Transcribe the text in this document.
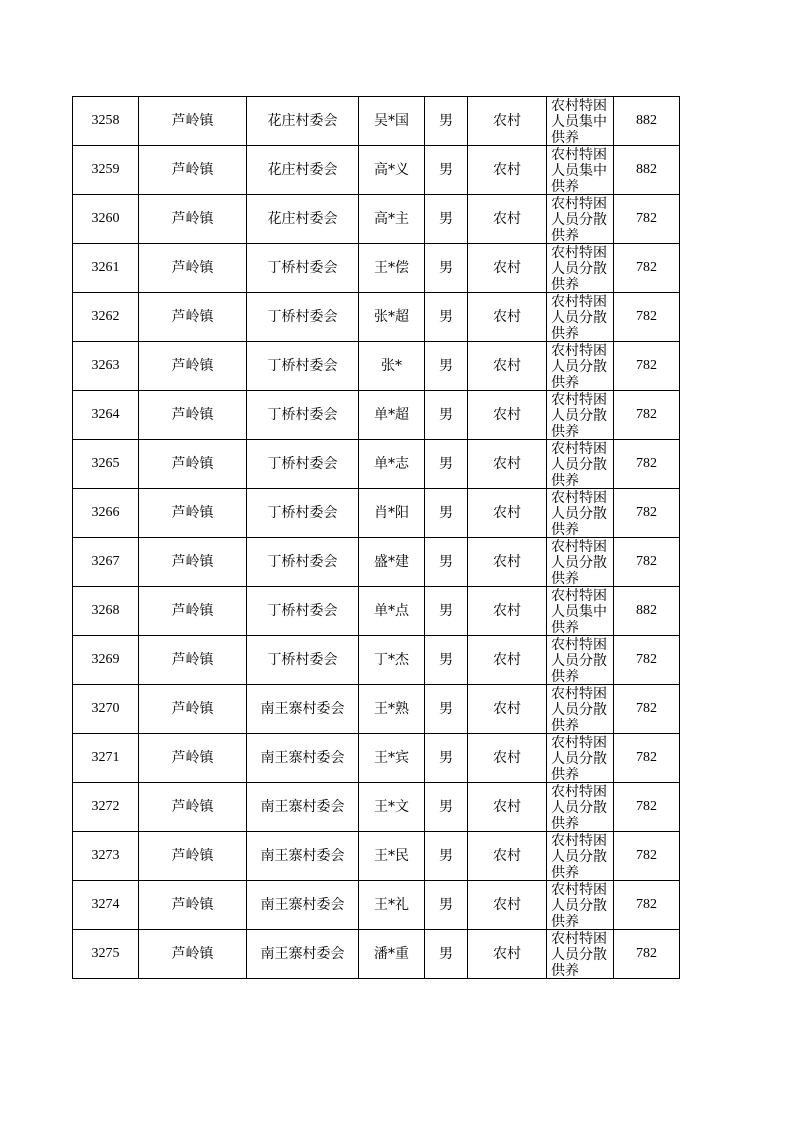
3258	芦岭镇	花庄村委会	吴*国	男	农村	农村特困人员集中供养	882
3259	芦岭镇	花庄村委会	高*义	男	农村	农村特困人员集中供养	882
3260	芦岭镇	花庄村委会	高*主	男	农村	农村特困人员分散供养	782
3261	芦岭镇	丁桥村委会	王*偿	男	农村	农村特困人员分散供养	782
3262	芦岭镇	丁桥村委会	张*超	男	农村	农村特困人员分散供养	782
3263	芦岭镇	丁桥村委会	张*	男	农村	农村特困人员分散供养	782
3264	芦岭镇	丁桥村委会	单*超	男	农村	农村特困人员分散供养	782
3265	芦岭镇	丁桥村委会	单*志	男	农村	农村特困人员分散供养	782
3266	芦岭镇	丁桥村委会	肖*阳	男	农村	农村特困人员分散供养	782
3267	芦岭镇	丁桥村委会	盛*建	男	农村	农村特困人员分散供养	782
3268	芦岭镇	丁桥村委会	单*点	男	农村	农村特困人员集中供养	882
3269	芦岭镇	丁桥村委会	丁*杰	男	农村	农村特困人员分散供养	782
3270	芦岭镇	南王寨村委会	王*熟	男	农村	农村特困人员分散供养	782
3271	芦岭镇	南王寨村委会	王*宾	男	农村	农村特困人员分散供养	782
3272	芦岭镇	南王寨村委会	王*文	男	农村	农村特困人员分散供养	782
3273	芦岭镇	南王寨村委会	王*民	男	农村	农村特困人员分散供养	782
3274	芦岭镇	南王寨村委会	王*礼	男	农村	农村特困人员分散供养	782
3275	芦岭镇	南王寨村委会	潘*重	男	农村	农村特困人员分散供养	782
